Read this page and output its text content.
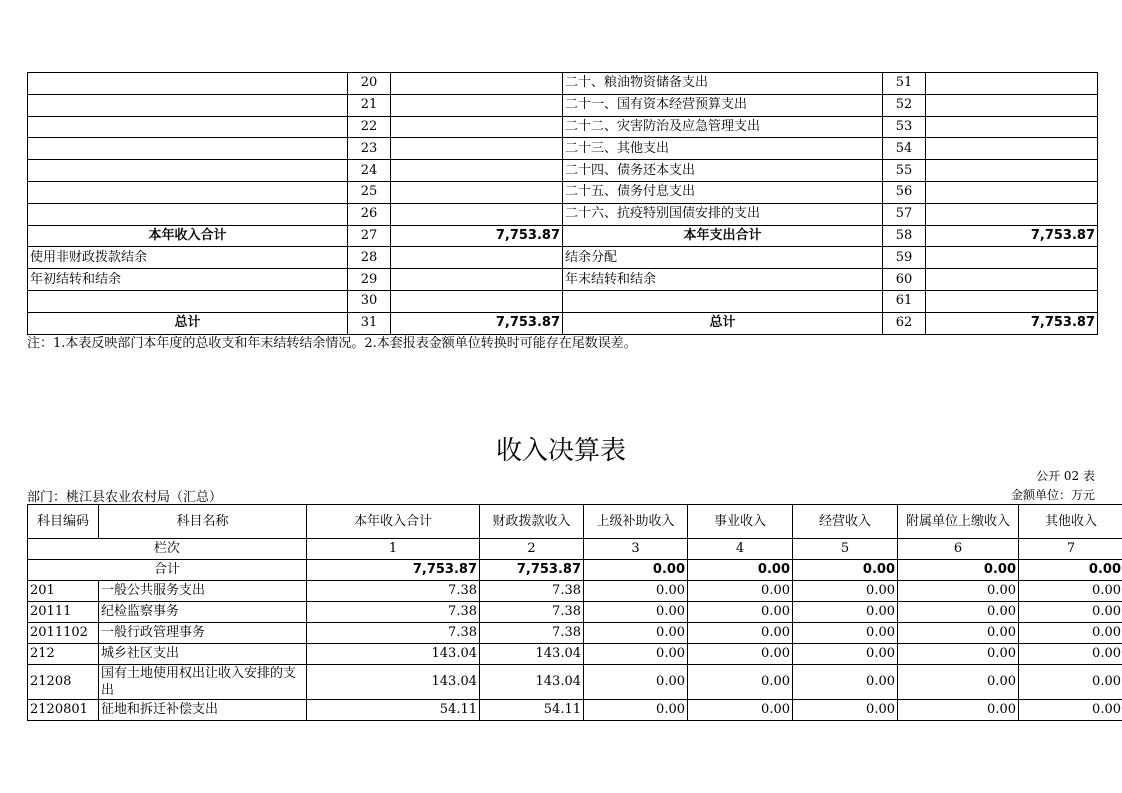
	20		二十、粮油物资储备支出	51	
	21		二十一、国有资本经营预算支出	52	
	22		二十二、灾害防治及应急管理支出	53	
	23		二十三、其他支出	54	
	24		二十四、债务还本支出	55	
	25		二十五、债务付息支出	56	
	26		二十六、抗疫特别国债安排的支出	57	
本年收入合计	27	7,753.87	本年支出合计	58	7,753.87
使用非财政拨款结余	28		结余分配	59	
年初结转和结余	29		年末结转和结余	60	
	30			61	
总计	31	7,753.87	总计	62	7,753.87
注：1.本表反映部门本年度的总收支和年末结转结余情况。2.本套报表金额单位转换时可能存在尾数误差。
收入决算表
公开 02 表
部门：桃江县农业农村局（汇总）	金额单位：万元
科目编码	科目名称	本年收入合计	财政拨款收入	上级补助收入	事业收入	经营收入	附属单位上缴收入	其他收入
栏次		1	2	3	4	5	6	7
合计		7,753.87	7,753.87	0.00	0.00	0.00	0.00	0.00
201	一般公共服务支出	7.38	7.38	0.00	0.00	0.00	0.00	0.00
20111	纪检监察事务	7.38	7.38	0.00	0.00	0.00	0.00	0.00
2011102	一般行政管理事务	7.38	7.38	0.00	0.00	0.00	0.00	0.00
212	城乡社区支出	143.04	143.04	0.00	0.00	0.00	0.00	0.00
21208	国有土地使用权出让收入安排的支出	143.04	143.04	0.00	0.00	0.00	0.00	0.00
2120801	征地和拆迁补偿支出	54.11	54.11	0.00	0.00	0.00	0.00	0.00
